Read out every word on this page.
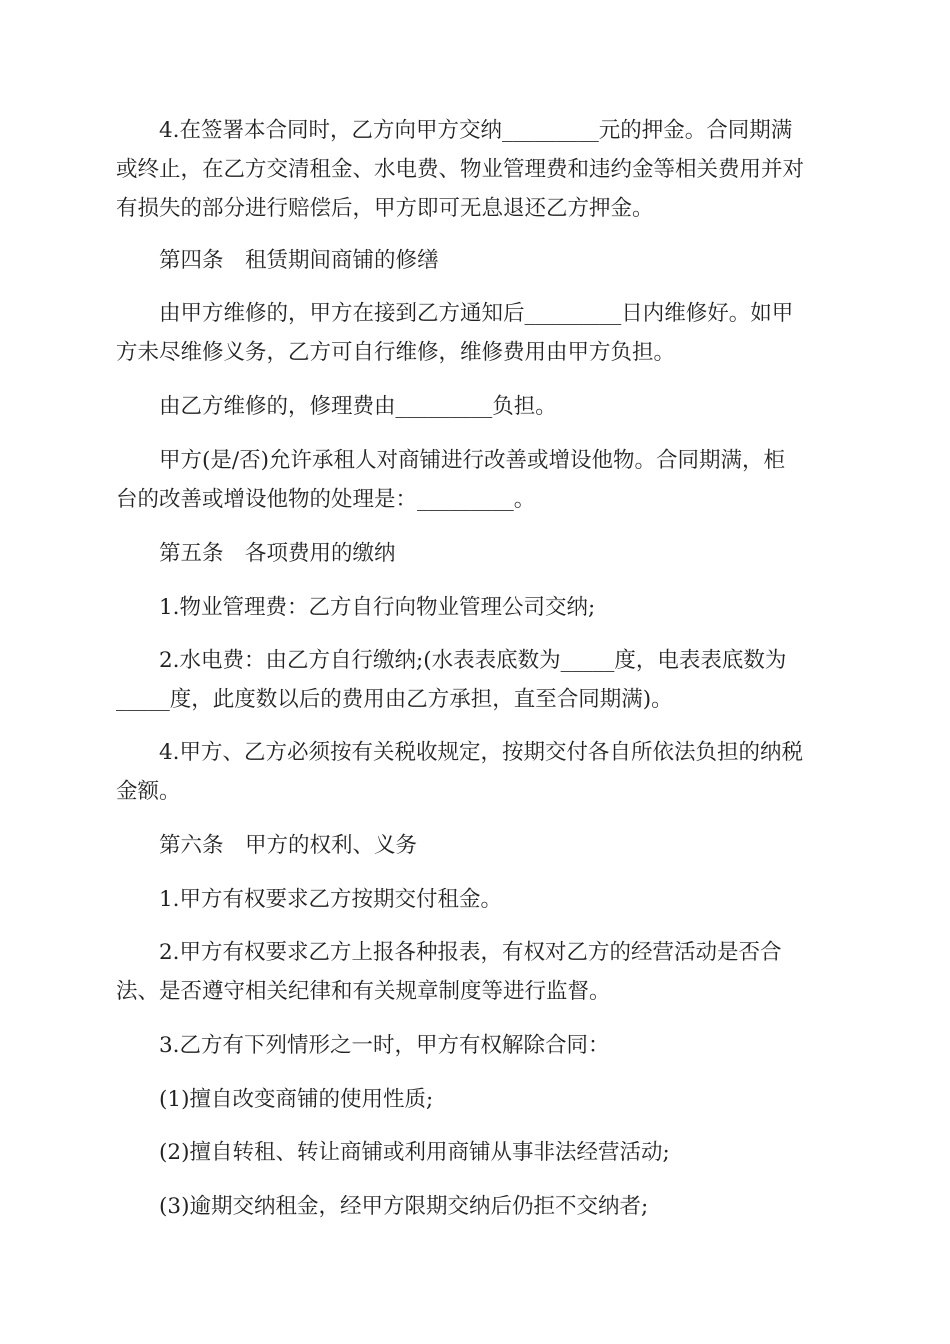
　　4.在签署本合同时，乙方向甲方交纳_________元的押金。合同期满
或终止，在乙方交清租金、水电费、物业管理费和违约金等相关费用并对
有损失的部分进行赔偿后，甲方即可无息退还乙方押金。

　　第四条　租赁期间商铺的修缮

　　由甲方维修的，甲方在接到乙方通知后_________日内维修好。如甲
方未尽维修义务，乙方可自行维修，维修费用由甲方负担。

　　由乙方维修的，修理费由_________负担。

　　甲方(是/否)允许承租人对商铺进行改善或增设他物。合同期满，柜
台的改善或增设他物的处理是：_________。

　　第五条　各项费用的缴纳

　　1.物业管理费：乙方自行向物业管理公司交纳;

　　2.水电费：由乙方自行缴纳;(水表表底数为_____度，电表表底数为
_____度，此度数以后的费用由乙方承担，直至合同期满)。

　　4.甲方、乙方必须按有关税收规定，按期交付各自所依法负担的纳税
金额。

　　第六条　甲方的权利、义务

　　1.甲方有权要求乙方按期交付租金。

　　2.甲方有权要求乙方上报各种报表，有权对乙方的经营活动是否合
法、是否遵守相关纪律和有关规章制度等进行监督。

　　3.乙方有下列情形之一时，甲方有权解除合同：

　　(1)擅自改变商铺的使用性质;

　　(2)擅自转租、转让商铺或利用商铺从事非法经营活动;

　　(3)逾期交纳租金，经甲方限期交纳后仍拒不交纳者;
